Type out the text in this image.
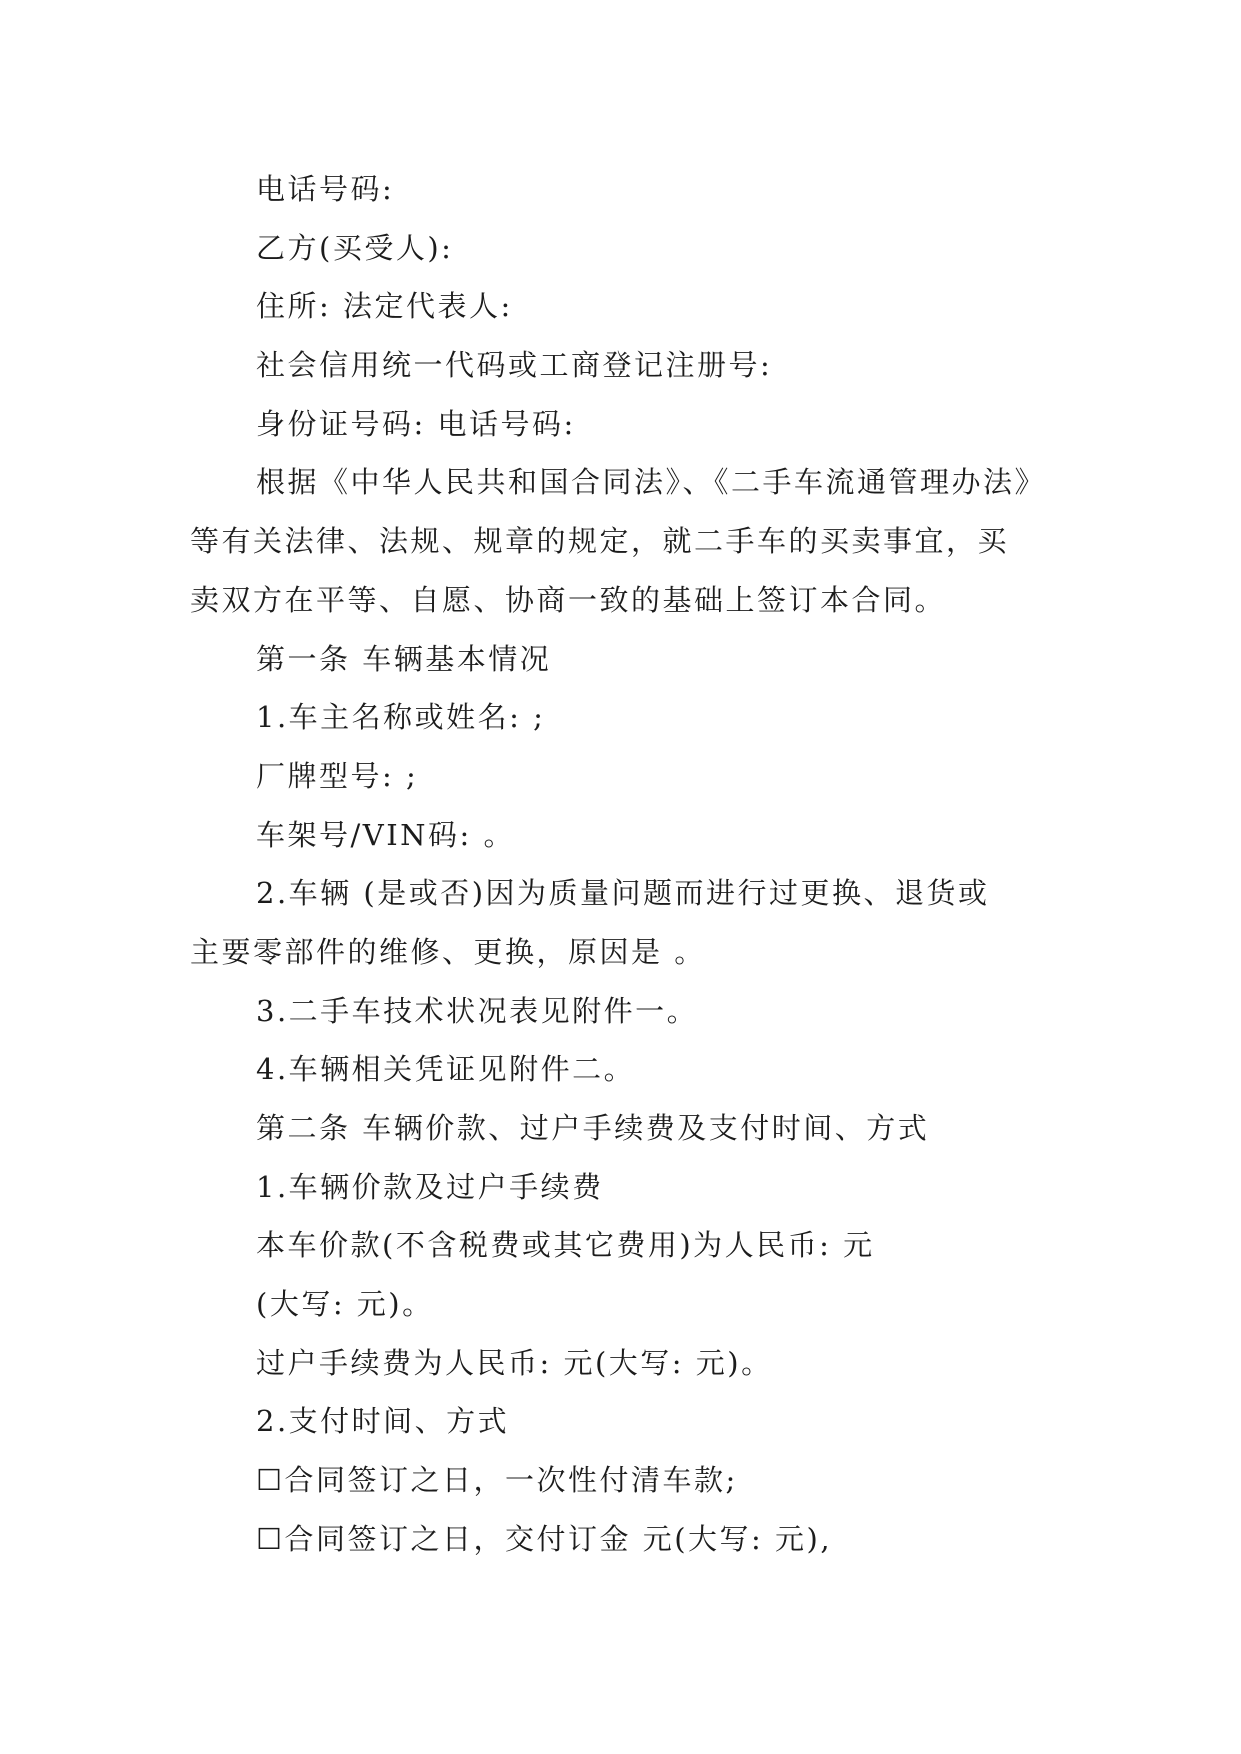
电话号码:
乙方(买受人):
住所: 法定代表人:
社会信用统一代码或工商登记注册号:
身份证号码: 电话号码:
根据《中华人民共和国合同法》、《二手车流通管理办法》
等有关法律、法规、规章的规定，就二手车的买卖事宜，买
卖双方在平等、自愿、协商一致的基础上签订本合同。
第一条 车辆基本情况
1.车主名称或姓名: ;
厂牌型号: ;
车架号/VIN码: 。
2.车辆 (是或否)因为质量问题而进行过更换、退货或
主要零部件的维修、更换，原因是 。
3.二手车技术状况表见附件一。
4.车辆相关凭证见附件二。
第二条 车辆价款、过户手续费及支付时间、方式
1.车辆价款及过户手续费
本车价款(不含税费或其它费用)为人民币: 元
(大写: 元)。
过户手续费为人民币: 元(大写: 元)。
2.支付时间、方式
☐合同签订之日，一次性付清车款;
☐合同签订之日，交付订金 元(大写: 元),
